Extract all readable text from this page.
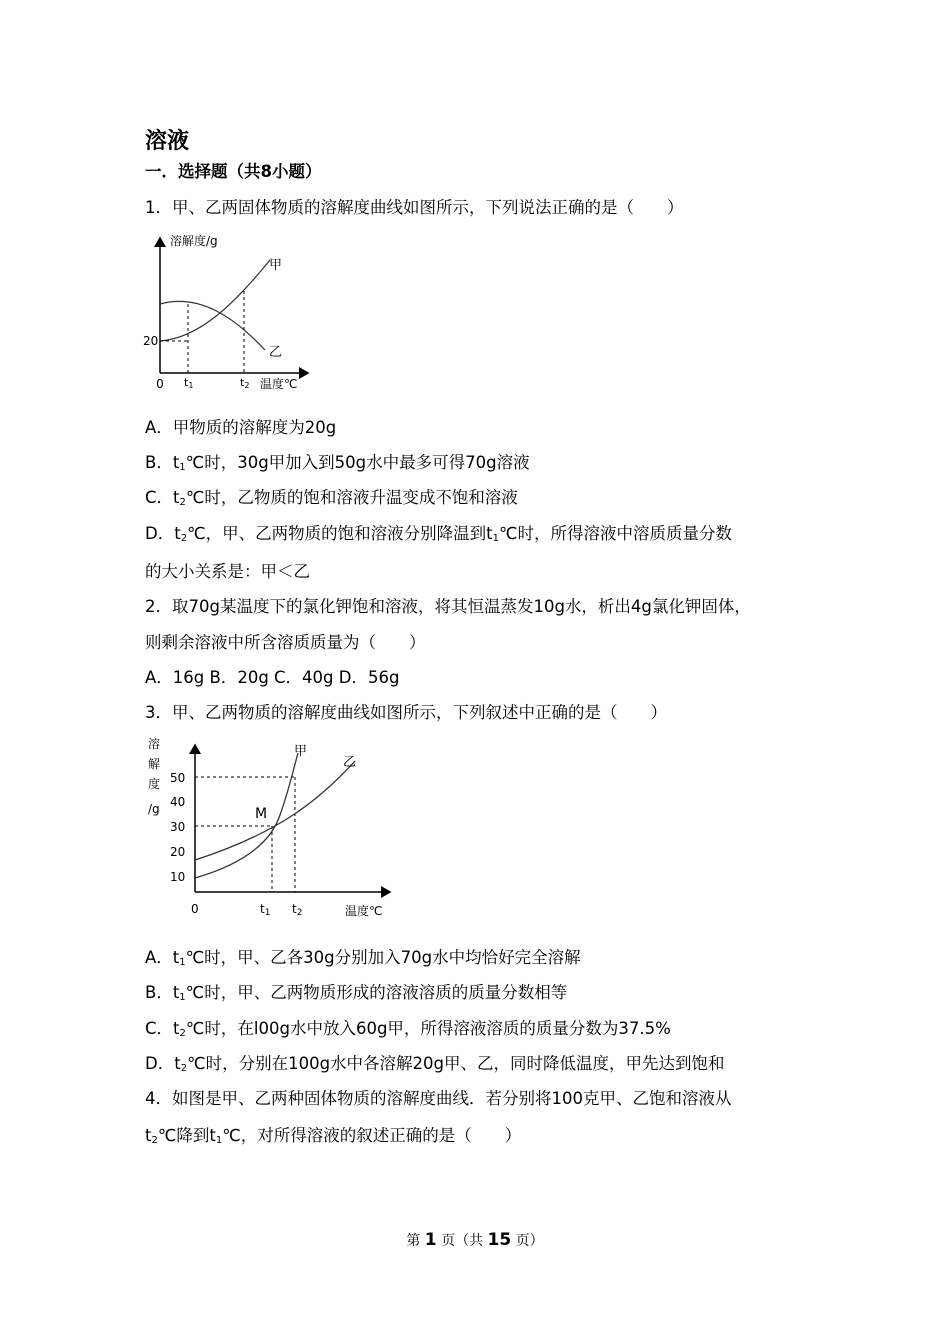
溶液
一．选择题（共8小题）
1．甲、乙两固体物质的溶解度曲线如图所示，下列说法正确的是（　　）
溶解度/g
温度℃
0
20
t1	t2
甲
乙
A．甲物质的溶解度为20g
B．$t_1℃$时，30g甲加入到50g水中最多可得70g溶液
C．$t_2℃$时，乙物质的饱和溶液升温变成不饱和溶液
D．$t_2℃$，甲、乙两物质的饱和溶液分别降温到$t_1℃$时，所得溶液中溶质质量分数
的大小关系是：甲＜乙
2．取70g某温度下的氯化钾饱和溶液，将其恒温蒸发10g水，析出4g氯化钾固体，
则剩余溶液中所含溶质质量为（　　）
A．16g B．20g C．40g D．56g
3．甲、乙两物质的溶解度曲线如图所示，下列叙述中正确的是（　　）
溶
解
度
/g
50
40
30
20
10
0	t1 t2	温度℃
甲
乙
M
A．$t_1℃$时，甲、乙各30g分别加入70g水中均恰好完全溶解
B．$t_1℃$时，甲、乙两物质形成的溶液溶质的质量分数相等
C．$t_2℃$时，在l00g水中放入60g甲，所得溶液溶质的质量分数为37.5%
D．$t_2℃$时，分别在100g水中各溶解20g甲、乙，同时降低温度，甲先达到饱和
4．如图是甲、乙两种固体物质的溶解度曲线．若分别将100克甲、乙饱和溶液从
$t_2℃$降到$t_1℃$，对所得溶液的叙述正确的是（　　）
第 1 页（共 15 页）
